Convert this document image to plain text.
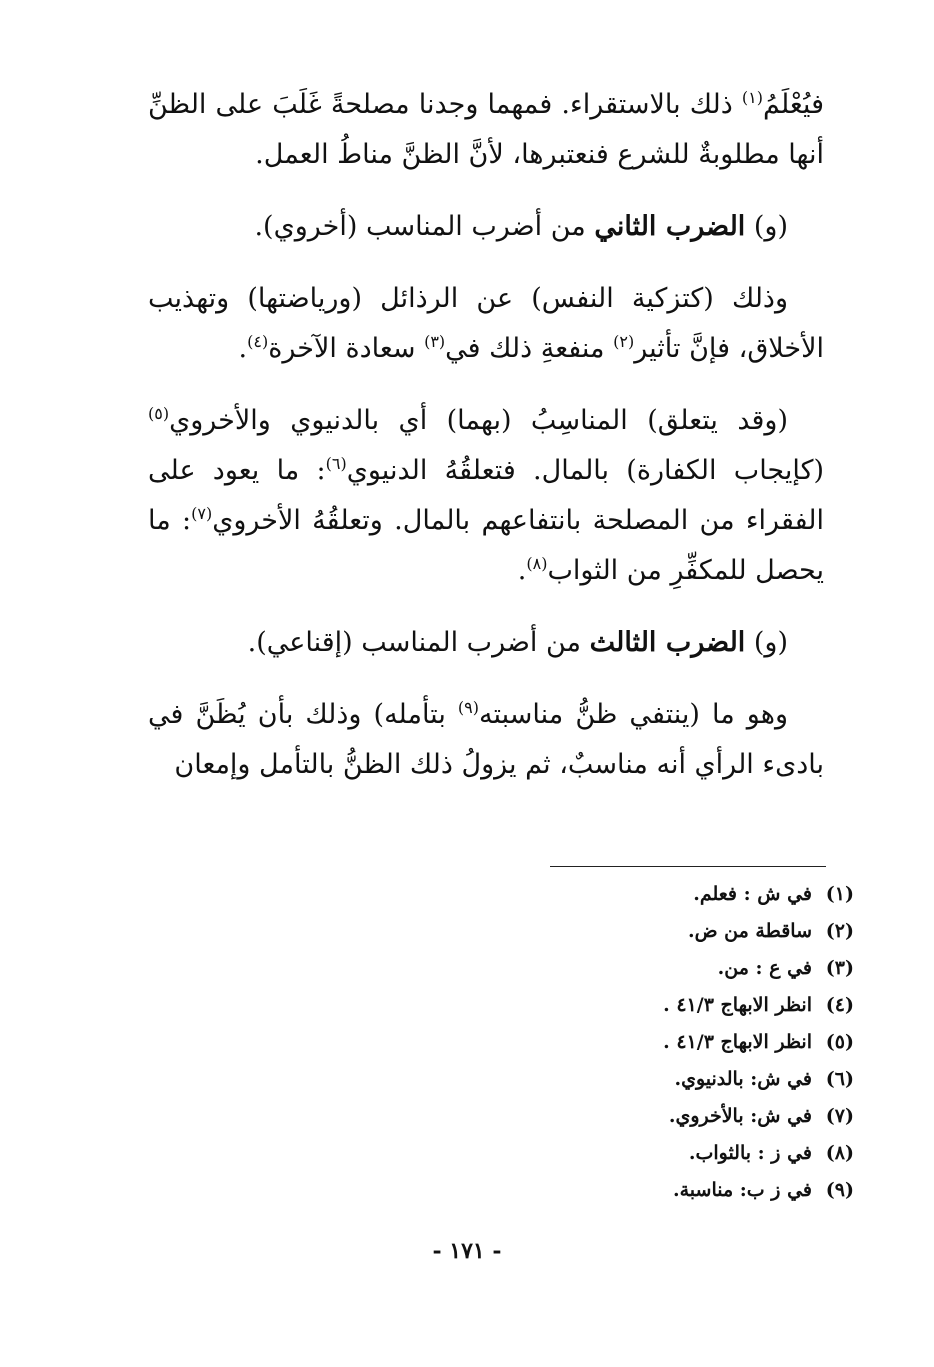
فيُعْلَمُ$^{(١)}$ ذلك بالاستقراء. فمهما وجدنا مصلحةً غَلَبَ على الظنِّ أنها مطلوبةٌ للشرع فنعتبرها، لأنَّ الظنَّ مناطُ العمل.

(و) الضرب الثاني من أضرب المناسب (أخروي).

وذلك (كتزكية النفس) عن الرذائل (ورياضتها) وتهذيب الأخلاق، فإنَّ تأثير$^{(٢)}$ منفعةِ ذلك في$^{(٣)}$ سعادة الآخرة$^{(٤)}$.

(وقد يتعلق) المناسِبُ (بهما) أي بالدنيوي والأخروي$^{(٥)}$ (كإيجاب الكفارة) بالمال. فتعلقُهُ الدنيوي$^{(٦)}$: ما يعود على الفقراء من المصلحة بانتفاعهم بالمال. وتعلقُهُ الأخروي$^{(٧)}$: ما يحصل للمكفِّرِ من الثواب$^{(٨)}$.

(و) الضرب الثالث من أضرب المناسب (إقناعي).

وهو ما (ينتفي ظنُّ مناسبته$^{(٩)}$ بتأمله) وذلك بأن يُظَنَّ في بادىء الرأي أنه مناسبٌ، ثم يزولُ ذلك الظنُّ بالتأمل وإمعان

(١)
في ش : فعلم.
(٢)
ساقطة من ض.
(٣)
في ع : من.
(٤)
انظر الابهاج ٤١/٣ .
(٥)
انظر الابهاج ٤١/٣ .
(٦)
في ش: بالدنيوي.
(٧)
في ش: بالأخروي.
(٨)
في ز : بالثواب.
(٩)
في ز ب: مناسبة.
- ١٧١ -
